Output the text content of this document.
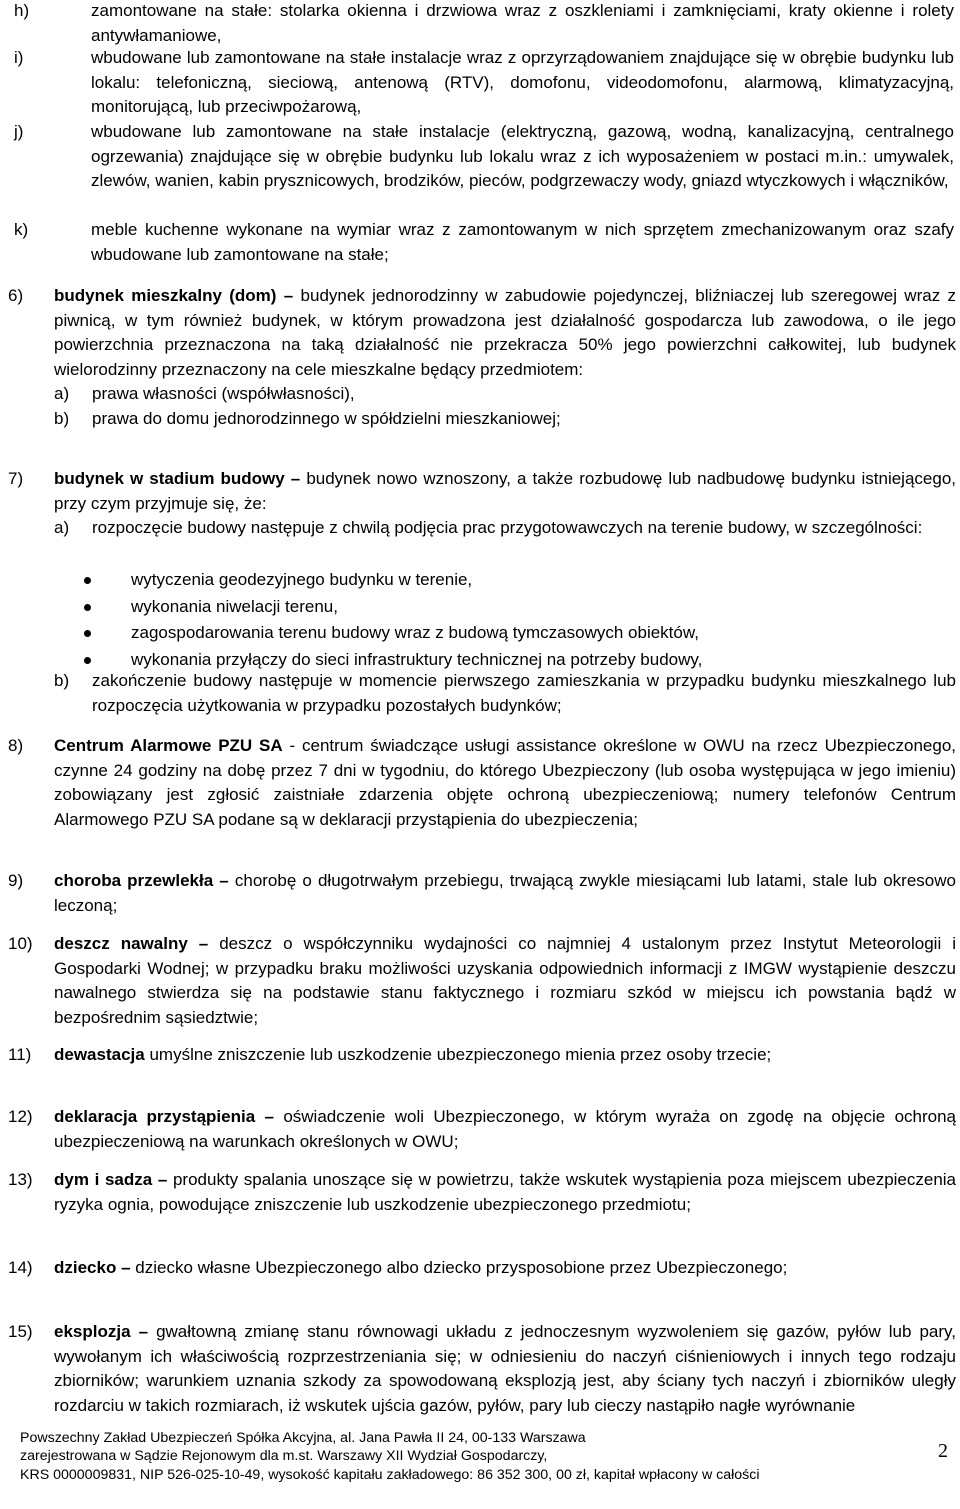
h)	zamontowane na stałe: stolarka okienna i drzwiowa wraz z oszkleniami i zamknięciami, kraty okienne i rolety antywłamaniowe,
i)	wbudowane lub zamontowane na stałe instalacje wraz z oprzyrządowaniem znajdujące się w obrębie budynku lub lokalu: telefoniczną, sieciową, antenową (RTV), domofonu, videodomofonu, alarmową, klimatyzacyjną, monitorującą, lub przeciwpożarową,
j)	wbudowane lub zamontowane na stałe instalacje (elektryczną, gazową, wodną, kanalizacyjną, centralnego ogrzewania) znajdujące się w obrębie budynku lub lokalu wraz z ich wyposażeniem w postaci m.in.: umywalek, zlewów, wanien, kabin prysznicowych, brodzików, pieców, podgrzewaczy wody, gniazd wtyczkowych i włączników,
k)	meble kuchenne wykonane na wymiar wraz z zamontowanym w nich sprzętem zmechanizowanym oraz szafy wbudowane lub zamontowane na stałe;
6) budynek mieszkalny (dom) – budynek jednorodzinny w zabudowie pojedynczej, bliźniaczej lub szeregowej wraz z piwnicą, w tym również budynek, w którym prowadzona jest działalność gospodarcza lub zawodowa, o ile jego powierzchnia przeznaczona na taką działalność nie przekracza 50% jego powierzchni całkowitej, lub budynek wielorodzinny przeznaczony na cele mieszkalne będący przedmiotem:
a) prawa własności (współwłasności),
b) prawa do domu jednorodzinnego w spółdzielni mieszkaniowej;
7) budynek w stadium budowy – budynek nowo wznoszony, a także rozbudowę lub nadbudowę budynku istniejącego, przy czym przyjmuje się, że:
a) rozpoczęcie budowy następuje z chwilą podjęcia prac przygotowawczych na terenie budowy, w szczególności:
wytyczenia geodezyjnego budynku w terenie,
wykonania niwelacji terenu,
zagospodarowania terenu budowy wraz z budową tymczasowych obiektów,
wykonania przyłączy do sieci infrastruktury technicznej na potrzeby budowy,
b) zakończenie budowy następuje w momencie pierwszego zamieszkania w przypadku budynku mieszkalnego lub rozpoczęcia użytkowania w przypadku pozostałych budynków;
8) Centrum Alarmowe PZU SA - centrum świadczące usługi assistance określone w OWU na rzecz Ubezpieczonego, czynne 24 godziny na dobę przez 7 dni w tygodniu, do którego Ubezpieczony (lub osoba występująca w jego imieniu) zobowiązany jest zgłosić zaistniałe zdarzenia objęte ochroną ubezpieczeniową; numery telefonów Centrum Alarmowego PZU SA podane są w deklaracji przystąpienia do ubezpieczenia;
9) choroba przewlekła – chorobę o długotrwałym przebiegu, trwającą zwykle miesiącami lub latami, stale lub okresowo leczoną;
10) deszcz nawalny – deszcz o współczynniku wydajności co najmniej 4 ustalonym przez Instytut Meteorologii i Gospodarki Wodnej; w przypadku braku możliwości uzyskania odpowiednich informacji z IMGW wystąpienie deszczu nawalnego stwierdza się na podstawie stanu faktycznego i rozmiaru szkód w miejscu ich powstania bądź w bezpośrednim sąsiedztwie;
11) dewastacja umyślne zniszczenie lub uszkodzenie ubezpieczonego mienia przez osoby trzecie;
12) deklaracja przystąpienia – oświadczenie woli Ubezpieczonego, w którym wyraża on zgodę na objęcie ochroną ubezpieczeniową na warunkach określonych w OWU;
13) dym i sadza – produkty spalania unoszące się w powietrzu, także wskutek wystąpienia poza miejscem ubezpieczenia ryzyka ognia, powodujące zniszczenie lub uszkodzenie ubezpieczonego przedmiotu;
14) dziecko – dziecko własne Ubezpieczonego albo dziecko przysposobione przez Ubezpieczonego;
15) eksplozja – gwałtowną zmianę stanu równowagi układu z jednoczesnym wyzwoleniem się gazów, pyłów lub pary, wywołanym ich właściwością rozprzestrzeniania się; w odniesieniu do naczyń ciśnieniowych i innych tego rodzaju zbiorników; warunkiem uznania szkody za spowodowaną eksplozją jest, aby ściany tych naczyń i zbiorników uległy rozdarciu w takich rozmiarach, iż wskutek ujścia gazów, pyłów, pary lub cieczy nastąpiło nagłe wyrównanie
Powszechny Zakład Ubezpieczeń Spółka Akcyjna, al. Jana Pawła II 24, 00-133 Warszawa
zarejestrowana w Sądzie Rejonowym dla m.st. Warszawy XII Wydział Gospodarczy,
KRS 0000009831, NIP 526-025-10-49, wysokość kapitału zakładowego: 86 352 300, 00 zł, kapitał wpłacony w całości
2
